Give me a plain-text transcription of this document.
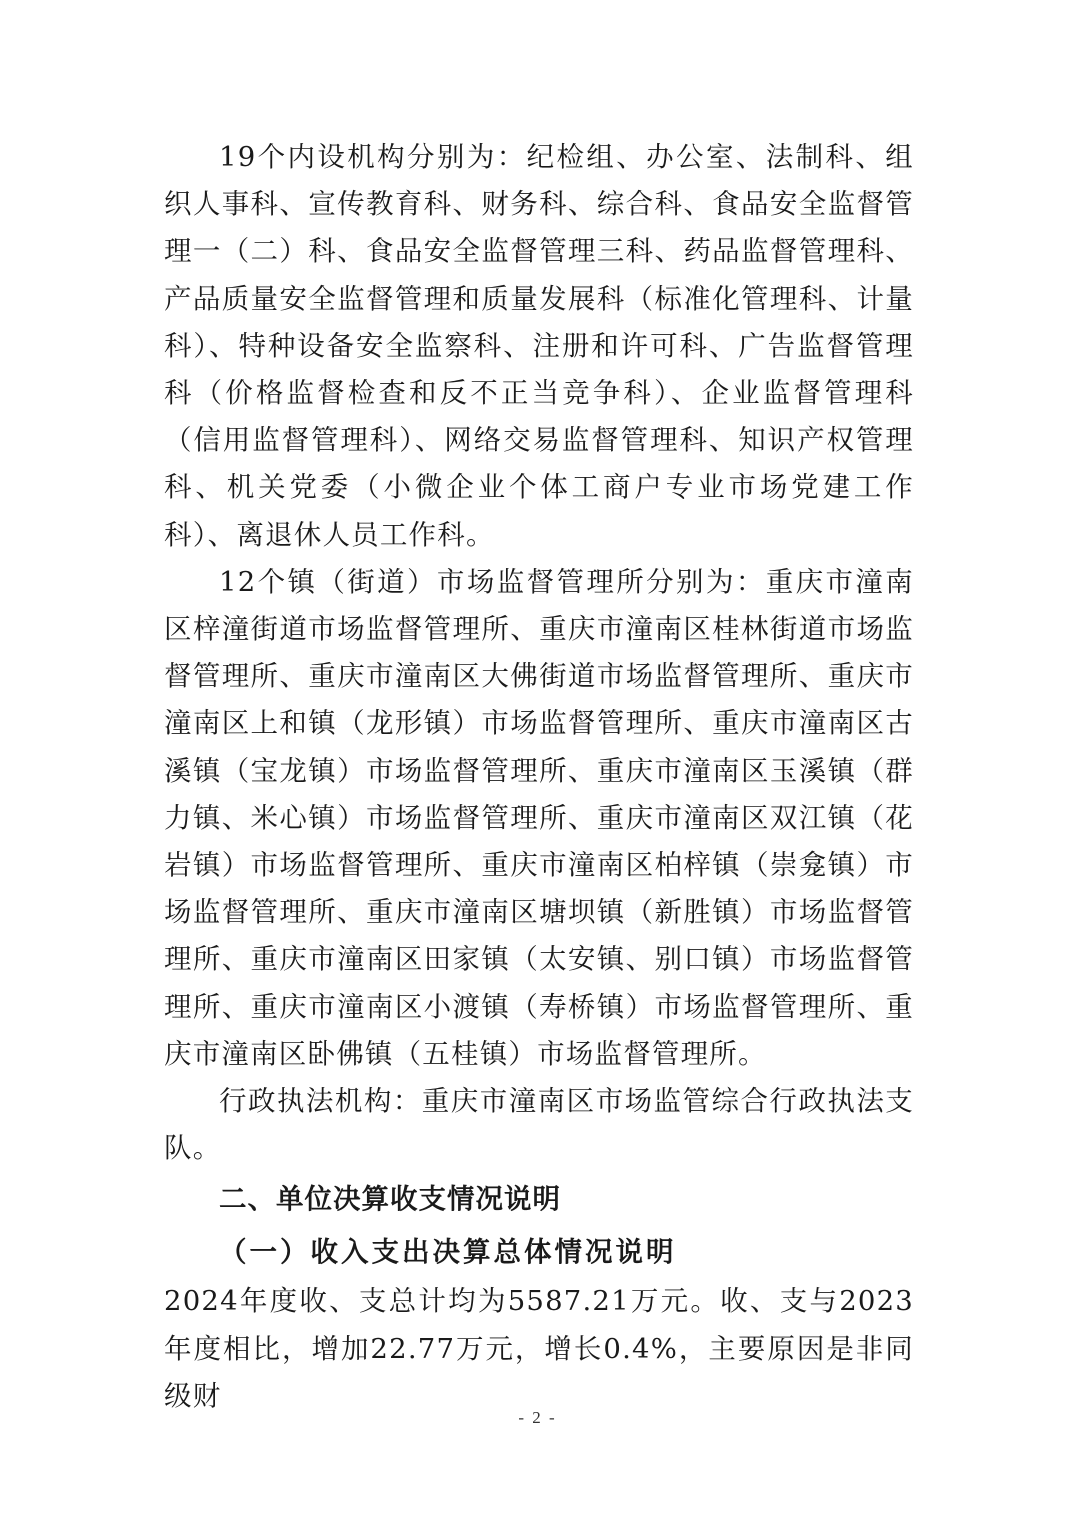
19个内设机构分别为：纪检组、办公室、法制科、组织人事科、宣传教育科、财务科、综合科、食品安全监督管理一（二）科、食品安全监督管理三科、药品监督管理科、产品质量安全监督管理和质量发展科（标准化管理科、计量科）、特种设备安全监察科、注册和许可科、广告监督管理科（价格监督检查和反不正当竞争科）、企业监督管理科（信用监督管理科）、网络交易监督管理科、知识产权管理科、机关党委（小微企业个体工商户专业市场党建工作科）、离退休人员工作科。

12个镇（街道）市场监督管理所分别为：重庆市潼南区梓潼街道市场监督管理所、重庆市潼南区桂林街道市场监督管理所、重庆市潼南区大佛街道市场监督管理所、重庆市潼南区上和镇（龙形镇）市场监督管理所、重庆市潼南区古溪镇（宝龙镇）市场监督管理所、重庆市潼南区玉溪镇（群力镇、米心镇）市场监督管理所、重庆市潼南区双江镇（花岩镇）市场监督管理所、重庆市潼南区柏梓镇（崇龛镇）市场监督管理所、重庆市潼南区塘坝镇（新胜镇）市场监督管理所、重庆市潼南区田家镇（太安镇、别口镇）市场监督管理所、重庆市潼南区小渡镇（寿桥镇）市场监督管理所、重庆市潼南区卧佛镇（五桂镇）市场监督管理所。

行政执法机构：重庆市潼南区市场监管综合行政执法支队。

二、单位决算收支情况说明
（一）收入支出决算总体情况说明

2024年度收、支总计均为5587.21万元。收、支与2023年度相比，增加22.77万元，增长0.4%，主要原因是非同级财

- 2 -
